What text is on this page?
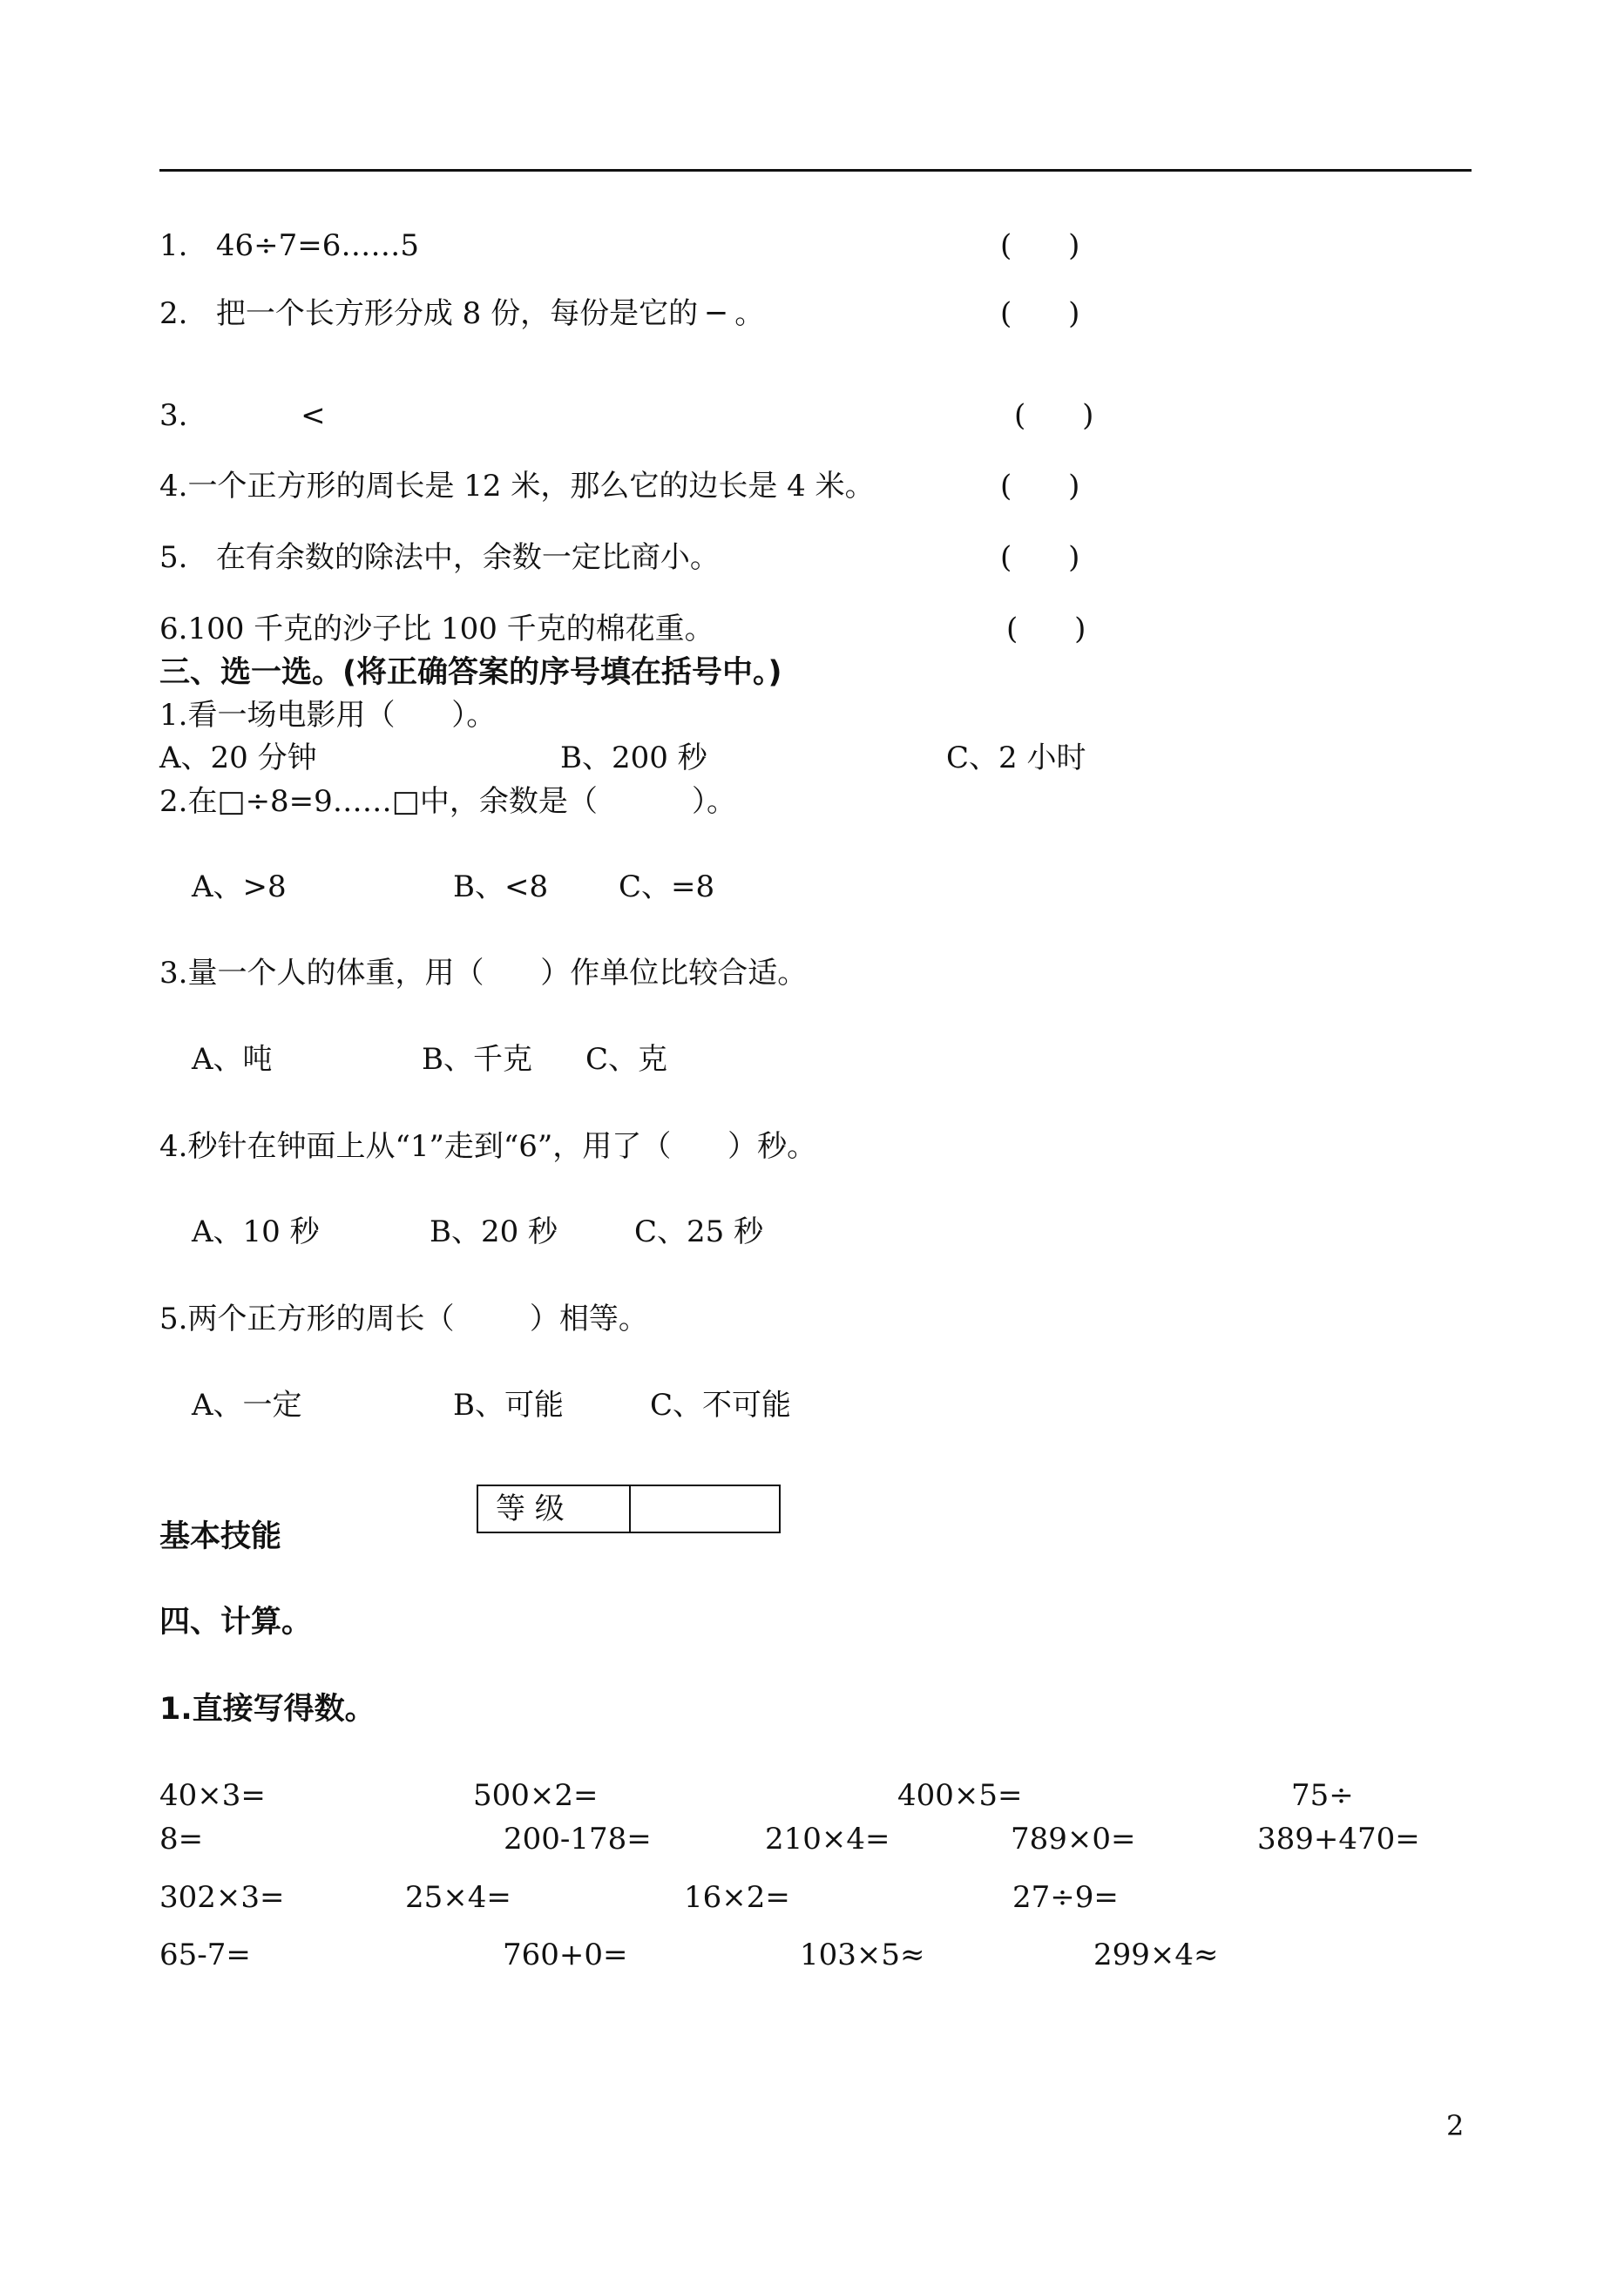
1.   46÷7=6……5	(      )
2.   把一个长方形分成 8 份，每份是它的 ─ 。	(      )
3.            <	(      )
4.一个正方形的周长是 12 米，那么它的边长是 4 米。	(      )
5.   在有余数的除法中，余数一定比商小。	(      )
6.100 千克的沙子比 100 千克的棉花重。	(      )
三、选一选。(将正确答案的序号填在括号中。)
1.看一场电影用（      ）。
A、20 分钟	B、200 秒	C、2 小时
2.在□÷8=9……□中，余数是（          ）。
A、>8	B、<8 C、=8
3.量一个人的体重，用（      ）作单位比较合适。
A、吨	B、千克 C、克
4.秒针在钟面上从“1”走到“6”，用了（      ）秒。
A、10 秒	B、20 秒	C、25 秒
5.两个正方形的周长（        ）相等。
A、一定	B、可能	C、不可能
等 级
基本技能
四、计算。
1.直接写得数。
40×3=	500×2=	400×5=	75÷
8=	200-178=	210×4=	789×0=	389+470=
302×3=	25×4=	16×2=	27÷9=
65-7=	760+0=	103×5≈	299×4≈
2
